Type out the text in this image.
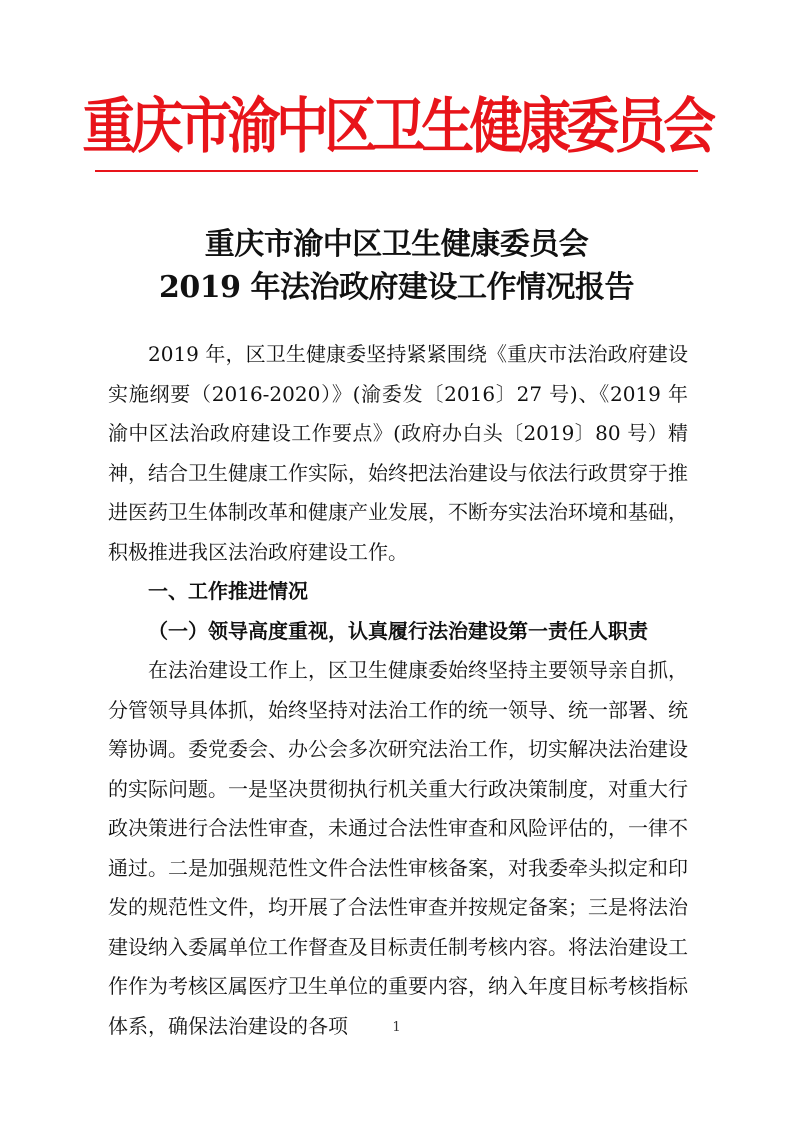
重庆市渝中区卫生健康委员会
重庆市渝中区卫生健康委员会
2019 年法治政府建设工作情况报告

2019 年，区卫生健康委坚持紧紧围绕《重庆市法治政府建设实施纲要（2016-2020）》(渝委发〔2016〕27 号)、《2019 年渝中区法治政府建设工作要点》(政府办白头〔2019〕80 号）精神，结合卫生健康工作实际，始终把法治建设与依法行政贯穿于推进医药卫生体制改革和健康产业发展，不断夯实法治环境和基础，积极推进我区法治政府建设工作。

一、工作推进情况

（一）领导高度重视，认真履行法治建设第一责任人职责

在法治建设工作上，区卫生健康委始终坚持主要领导亲自抓，分管领导具体抓，始终坚持对法治工作的统一领导、统一部署、统筹协调。委党委会、办公会多次研究法治工作，切实解决法治建设的实际问题。一是坚决贯彻执行机关重大行政决策制度，对重大行政决策进行合法性审查，未通过合法性审查和风险评估的，一律不通过。二是加强规范性文件合法性审核备案，对我委牵头拟定和印发的规范性文件，均开展了合法性审查并按规定备案；三是将法治建设纳入委属单位工作督查及目标责任制考核内容。将法治建设工作作为考核区属医疗卫生单位的重要内容，纳入年度目标考核指标体系，确保法治建设的各项	1
